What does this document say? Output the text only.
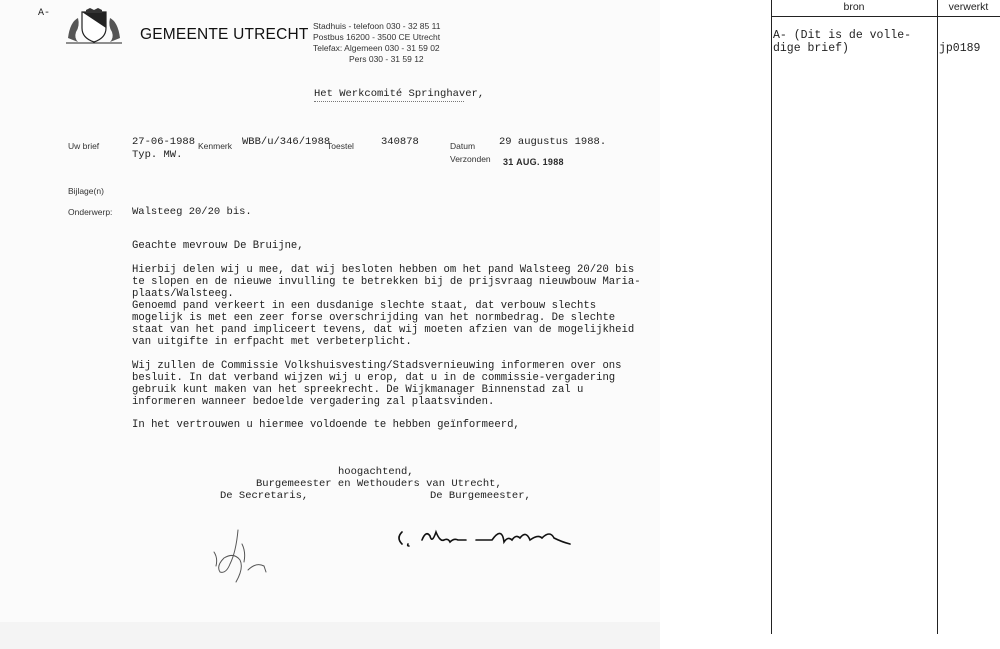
A-
GEMEENTE UTRECHT Stadhuis - telefoon 030 - 32 85 11
Postbus 16200 - 3500 CE Utrecht
Telefax: Algemeen 030 - 31 59 02
Pers 030 - 31 59 12
Het Werkcomité Springhaver,
Uw brief	27-06-1988
Typ. MW.
Kenmerk WBB/u/346/1988
Toestel	340878	Datum 29 augustus 1988.
Verzonden 31 AUG. 1988
Bijlage(n)
Onderwerp: Walsteeg 20/20 bis.
Geachte mevrouw De Bruijne,
Hierbij delen wij u mee, dat wij besloten hebben om het pand Walsteeg 20/20 bis
te slopen en de nieuwe invulling te betrekken bij de prijsvraag nieuwbouw Maria-
plaats/Walsteeg.
Genoemd pand verkeert in een dusdanige slechte staat, dat verbouw slechts
mogelijk is met een zeer forse overschrijding van het normbedrag. De slechte
staat van het pand impliceert tevens, dat wij moeten afzien van de mogelijkheid
van uitgifte in erfpacht met verbeterplicht.
Wij zullen de Commissie Volkshuisvesting/Stadsvernieuwing informeren over ons
besluit. In dat verband wijzen wij u erop, dat u in de commissie-vergadering
gebruik kunt maken van het spreekrecht. De Wijkmanager Binnenstad zal u
informeren wanneer bedoelde vergadering zal plaatsvinden.
In het vertrouwen u hiermee voldoende te hebben geïnformeerd,
hoogachtend,
Burgemeester en Wethouders van Utrecht,
De Secretaris,	De Burgemeester,
bron	verwerkt
A- (Dit is de volle-
dige brief)	jp0189
